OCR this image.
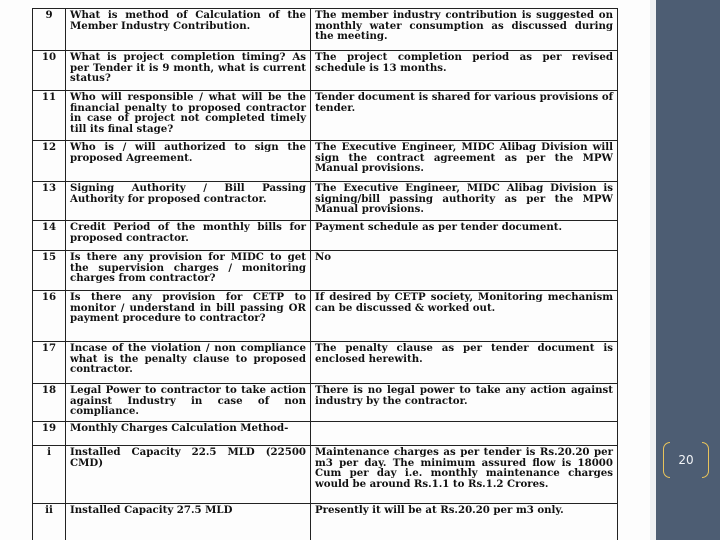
9	What is method of Calculation of the Member Industry Contribution.	The member industry contribution is suggested on monthly water consumption as discussed during the meeting.
10	What is project completion timing? As per Tender it is 9 month, what is current status?	The project completion period as per revised schedule is 13 months.
11	Who will responsible / what will be the financial penalty to proposed contractor in case of project not completed timely till its final stage?	Tender document is shared for various provisions of tender.
12	Who is / will authorized to sign the proposed Agreement.	The Executive Engineer, MIDC Alibag Division will sign the contract agreement as per the MPW Manual provisions.
13	Signing Authority / Bill Passing Authority for proposed contractor.	The Executive Engineer, MIDC Alibag Division is signing/bill passing authority as per the MPW Manual provisions.
14	Credit Period of the monthly bills for proposed contractor.	Payment schedule as per tender document.
15	Is there any provision for MIDC to get the supervision charges / monitoring charges from contractor?	No
16	Is there any provision for CETP to monitor / understand in bill passing OR payment procedure to contractor?	If desired by CETP society, Monitoring mechanism can be discussed & worked out.
17	Incase of the violation / non compliance what is the penalty clause to proposed contractor.	The penalty clause as per tender document is enclosed herewith.
18	Legal Power to contractor to take action against Industry in case of non compliance.	There is no legal power to take any action against industry by the contractor.
19	Monthly Charges Calculation Method-	
i	Installed Capacity 22.5 MLD (22500 CMD)	Maintenance charges as per tender is Rs.20.20 per m3 per day. The minimum assured flow is 18000 Cum per day i.e. monthly maintenance charges would be around Rs.1.1 to Rs.1.2 Crores.
ii	Installed Capacity 27.5 MLD	Presently it will be at Rs.20.20 per m3 only.
20
